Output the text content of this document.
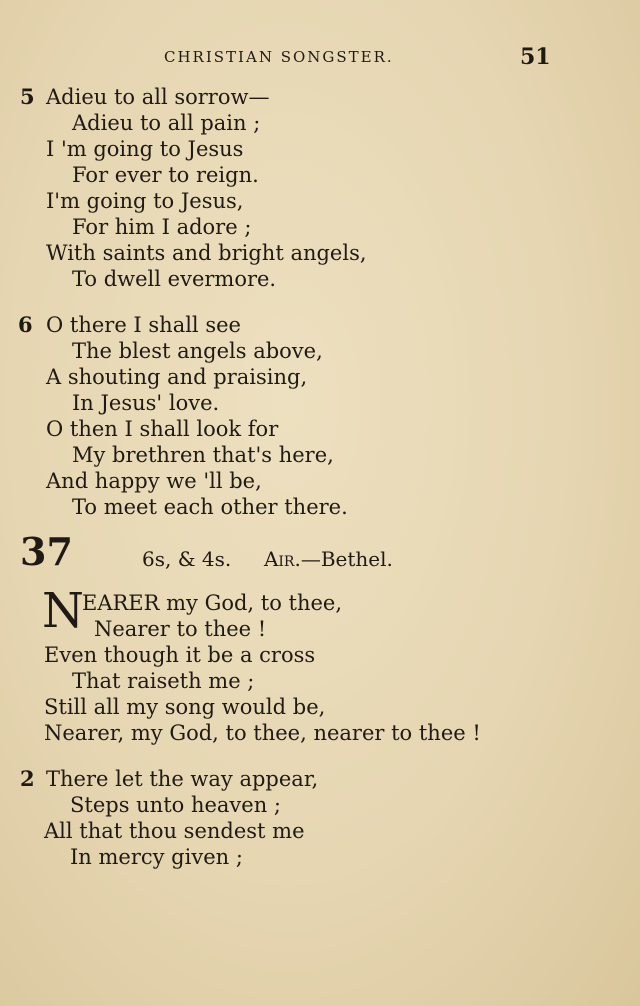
CHRISTIAN SONGSTER.	51
5 Adieu to all sorrow—
Adieu to all pain ;
I 'm going to Jesus
For ever to reign.
I'm going to Jesus,
For him I adore ;
With saints and bright angels,
To dwell evermore.
6 O there I shall see
The blest angels above,
A shouting and praising,
In Jesus' love.
O then I shall look for
My brethren that's here,
And happy we 'll be,
To meet each other there.
37	6s, & 4s. Air.—Bethel.
N
EARER my God, to thee,
Nearer to thee !
Even though it be a cross
That raiseth me ;
Still all my song would be,
Nearer, my God, to thee, nearer to thee !
2 There let the way appear,
Steps unto heaven ;
All that thou sendest me
In mercy given ;
